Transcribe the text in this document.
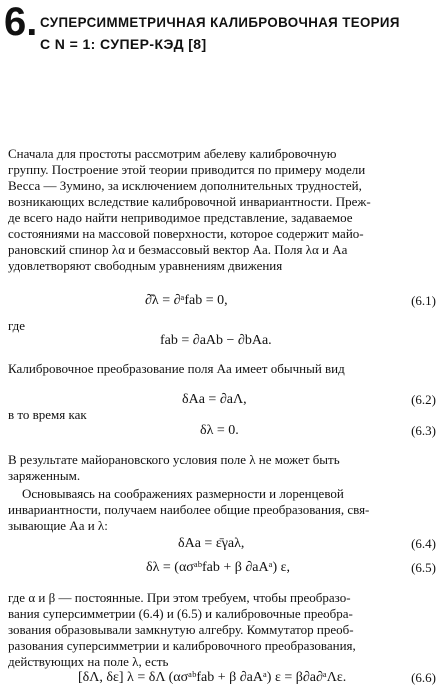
6. СУПЕРСИММЕТРИЧНАЯ КАЛИБРОВОЧНАЯ ТЕОРИЯ
С N = 1: СУПЕР-КЭД [8]
Сначала для простоты рассмотрим абелеву калибровочную
группу. Построение этой теории приводится по примеру модели
Весса — Зумино, за исключением дополнительных трудностей,
возникающих вследствие калибровочной инвариантности. Преж-
де всего надо найти неприводимое представление, задаваемое
состояниями на массовой поверхности, которое содержит майо-
рановский спинор λα и безмассовый вектор Aa. Поля λα и Aa
удовлетворяют свободным уравнениям движения
∂̂λ = ∂ᵃfab = 0,	(6.1)
где
fab = ∂aAb − ∂bAa.
Калибровочное преобразование поля Aa имеет обычный вид
δAa = ∂aΛ,	(6.2)
в то время как
δλ = 0.	(6.3)
В результате майорановского условия поле λ не может быть
заряженным.
Основываясь на соображениях размерности и лоренцевой
инвариантности, получаем наиболее общие преобразования, свя-
зывающие Aa и λ:
δAa = ε̄γaλ,	(6.4)
δλ = (ασᵃᵇfab + β ∂aAᵃ) ε,	(6.5)
где α и β — постоянные. При этом требуем, чтобы преобразо-
вания суперсимметрии (6.4) и (6.5) и калибровочные преобра-
зования образовывали замкнутую алгебру. Коммутатор преоб-
разования суперсимметрии и калибровочного преобразования,
действующих на поле λ, есть
[δΛ, δε] λ = δΛ (ασᵃᵇfab + β ∂aAᵃ) ε = β∂a∂ᵃΛε.	(6.6)
